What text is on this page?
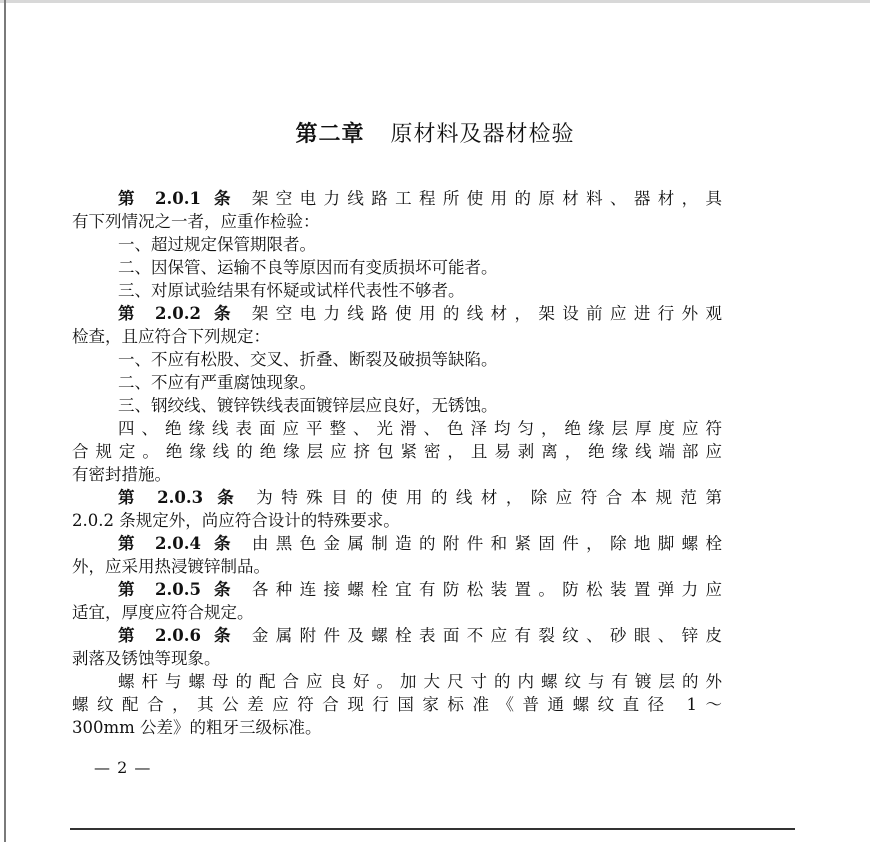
第二章 原材料及器材检验
第 2.0.1 条 架空电力线路工程所使用的原材料、器材，具
有下列情况之一者，应重作检验：
一、超过规定保管期限者。
二、因保管、运输不良等原因而有变质损坏可能者。
三、对原试验结果有怀疑或试样代表性不够者。
第 2.0.2 条 架空电力线路使用的线材，架设前应进行外观
检查，且应符合下列规定：
一、不应有松股、交叉、折叠、断裂及破损等缺陷。
二、不应有严重腐蚀现象。
三、钢绞线、镀锌铁线表面镀锌层应良好，无锈蚀。
四、绝缘线表面应平整、光滑、色泽均匀，绝缘层厚度应符
合规定。绝缘线的绝缘层应挤包紧密，且易剥离，绝缘线端部应
有密封措施。
第 2.0.3 条 为特殊目的使用的线材，除应符合本规范第
2.0.2 条规定外，尚应符合设计的特殊要求。
第 2.0.4 条 由黑色金属制造的附件和紧固件，除地脚螺栓
外，应采用热浸镀锌制品。
第 2.0.5 条 各种连接螺栓宜有防松装置。防松装置弹力应
适宜，厚度应符合规定。
第 2.0.6 条 金属附件及螺栓表面不应有裂纹、砂眼、锌皮
剥落及锈蚀等现象。
螺杆与螺母的配合应良好。加大尺寸的内螺纹与有镀层的外
螺纹配合，其公差应符合现行国家标准《普通螺纹直径 1～
300mm 公差》的粗牙三级标准。
— 2 —
